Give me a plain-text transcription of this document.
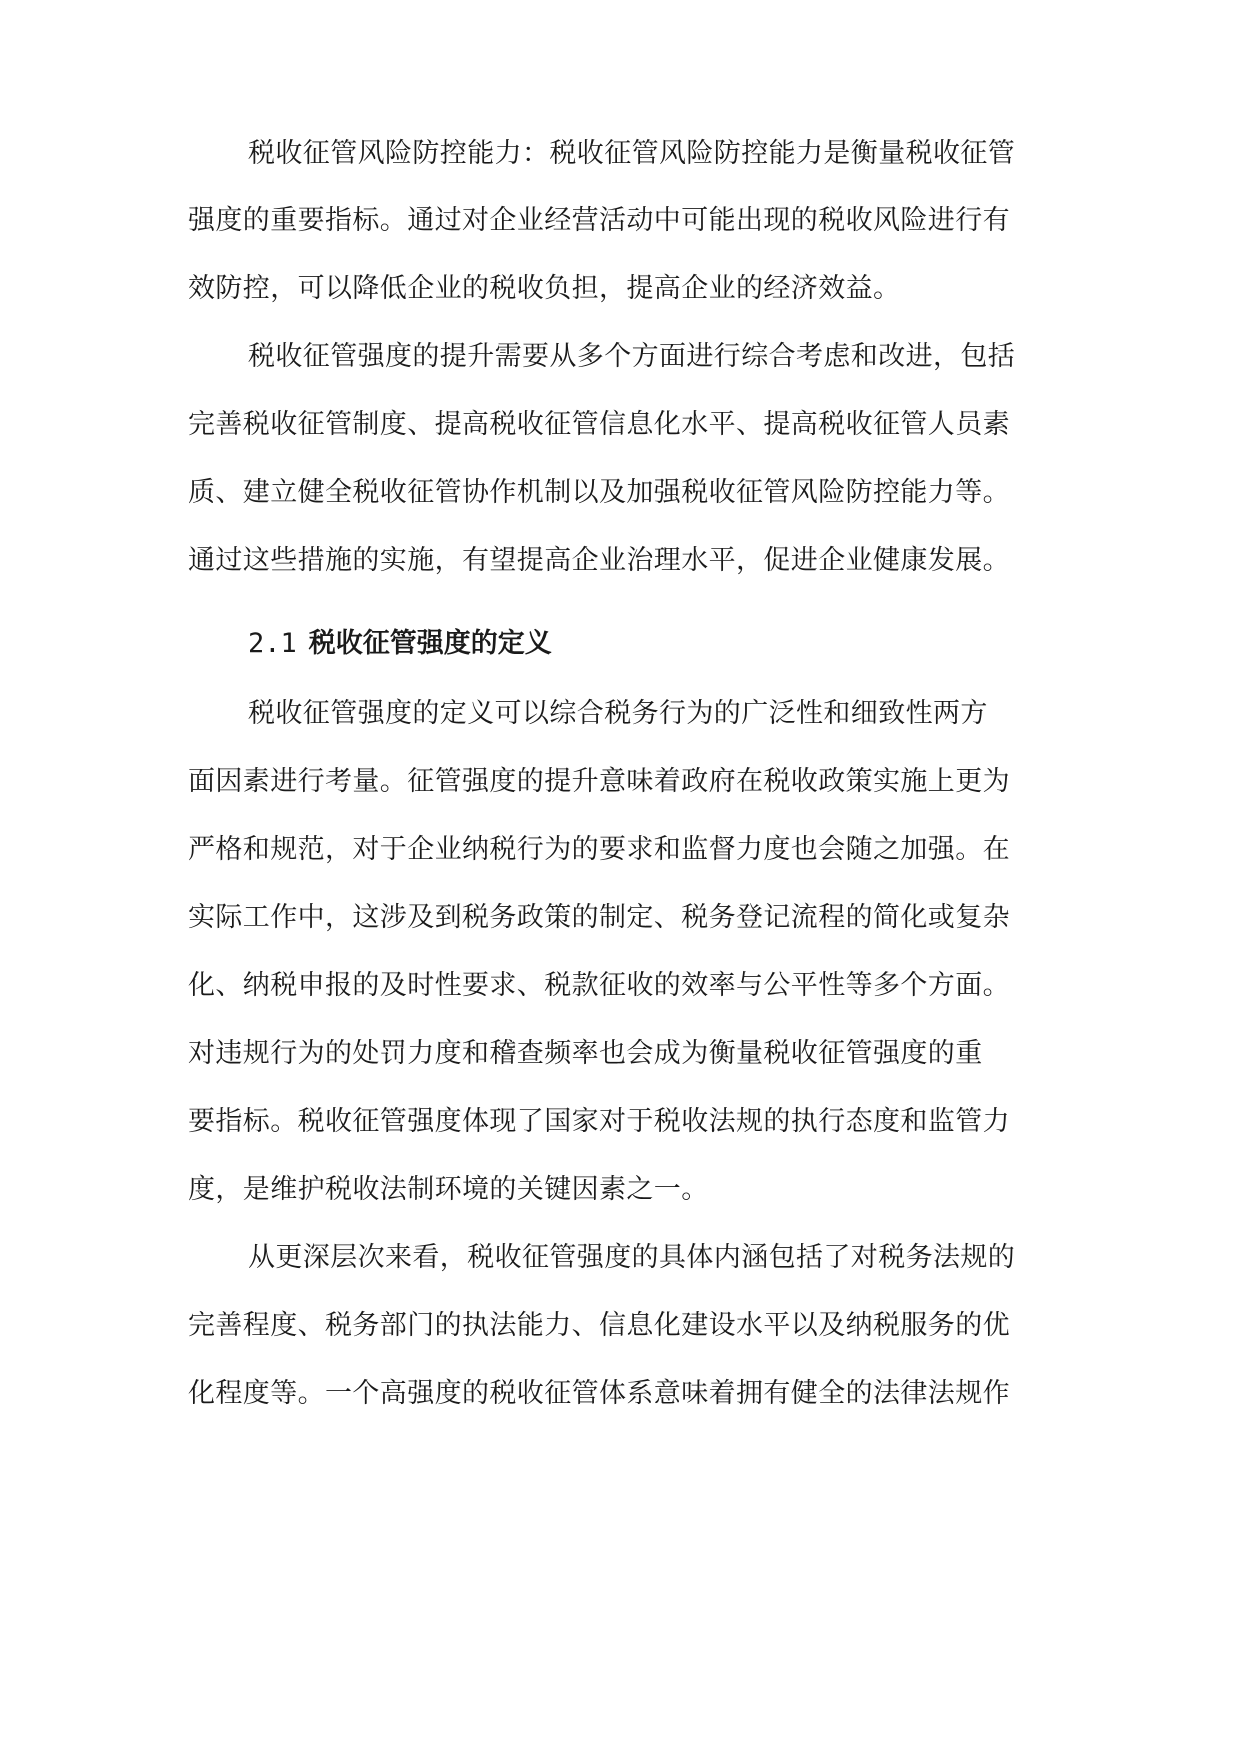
税收征管风险防控能力：税收征管风险防控能力是衡量税收征管
强度的重要指标。通过对企业经营活动中可能出现的税收风险进行有
效防控，可以降低企业的税收负担，提高企业的经济效益。
税收征管强度的提升需要从多个方面进行综合考虑和改进，包括
完善税收征管制度、提高税收征管信息化水平、提高税收征管人员素
质、建立健全税收征管协作机制以及加强税收征管风险防控能力等。
通过这些措施的实施，有望提高企业治理水平，促进企业健康发展。
2.1 税收征管强度的定义
税收征管强度的定义可以综合税务行为的广泛性和细致性两方
面因素进行考量。征管强度的提升意味着政府在税收政策实施上更为
严格和规范，对于企业纳税行为的要求和监督力度也会随之加强。在
实际工作中，这涉及到税务政策的制定、税务登记流程的简化或复杂
化、纳税申报的及时性要求、税款征收的效率与公平性等多个方面。
对违规行为的处罚力度和稽查频率也会成为衡量税收征管强度的重
要指标。税收征管强度体现了国家对于税收法规的执行态度和监管力
度，是维护税收法制环境的关键因素之一。
从更深层次来看，税收征管强度的具体内涵包括了对税务法规的
完善程度、税务部门的执法能力、信息化建设水平以及纳税服务的优
化程度等。一个高强度的税收征管体系意味着拥有健全的法律法规作
